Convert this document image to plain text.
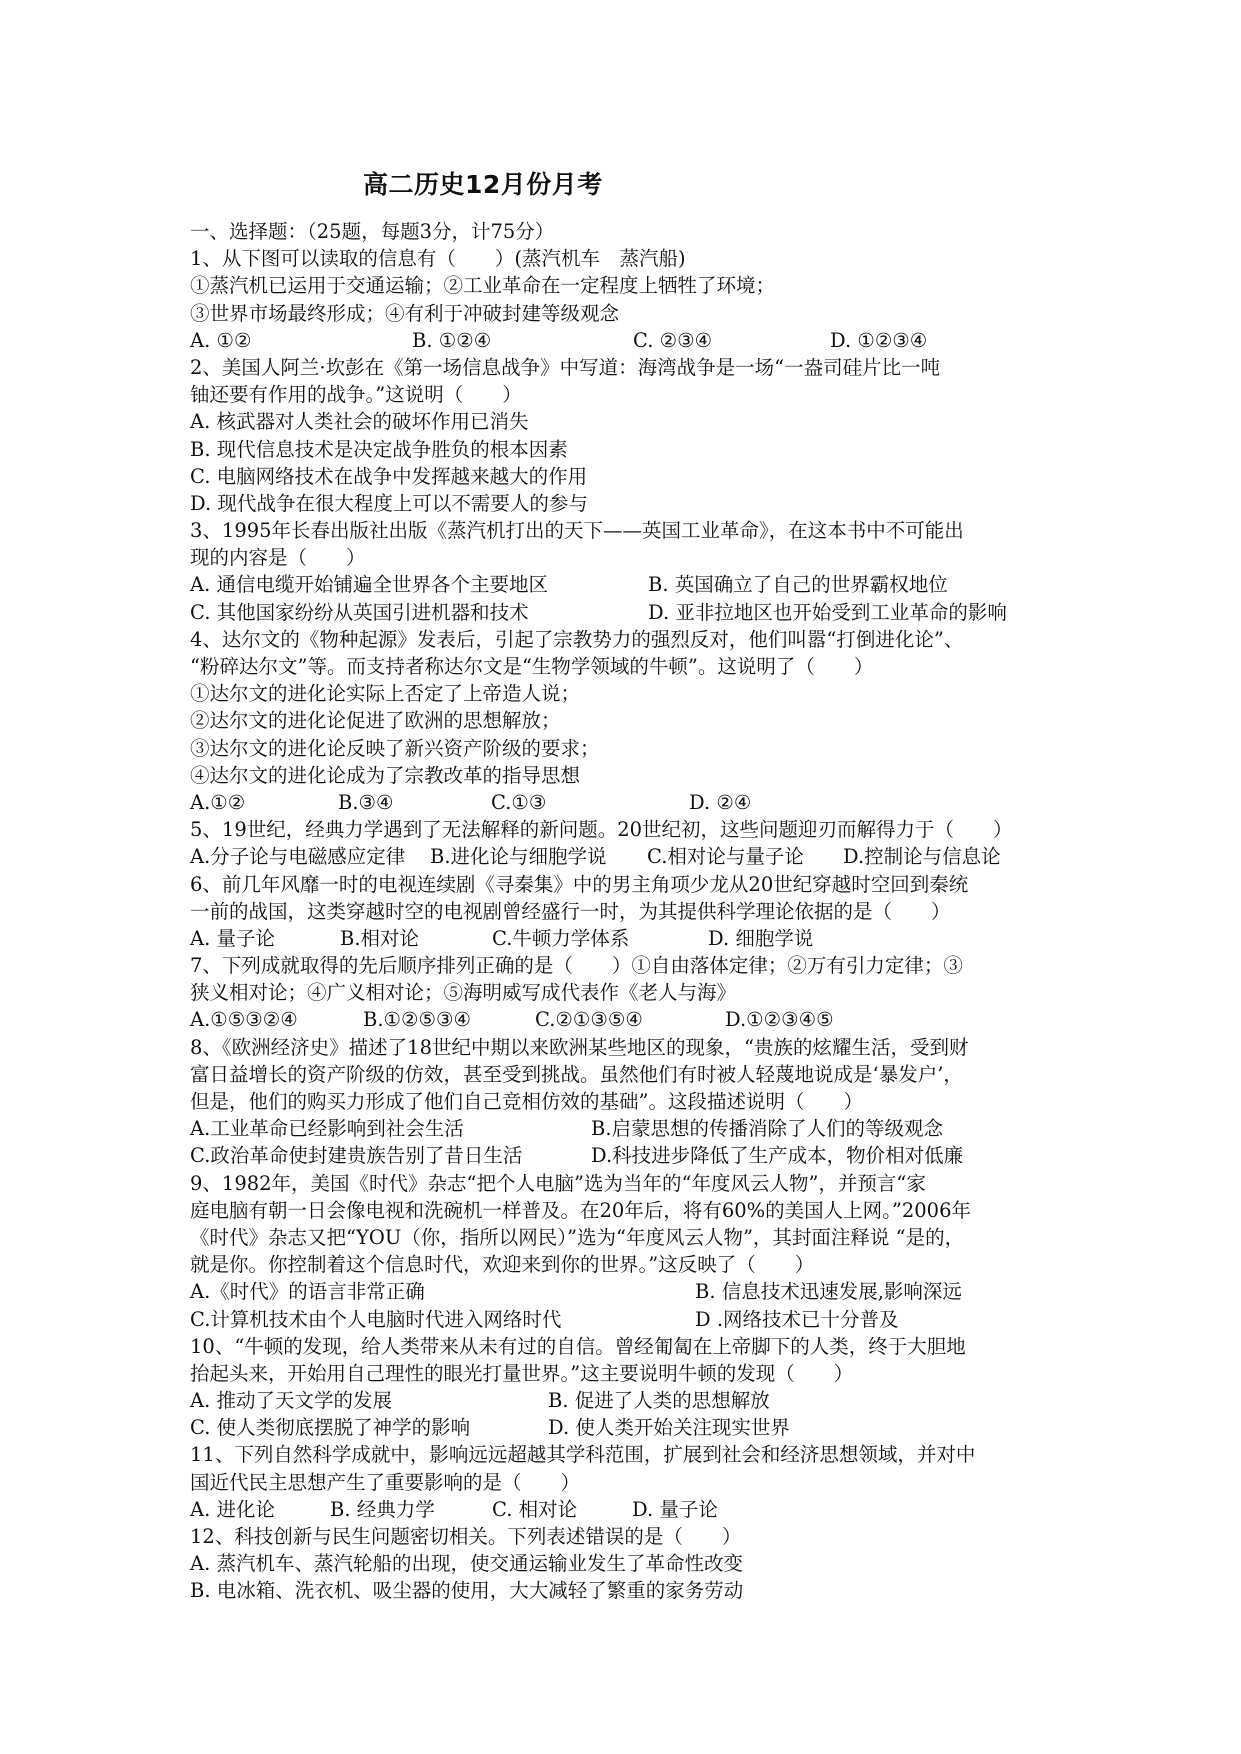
高二历史12月份月考
一、选择题：（25题，每题3分，计75分）
1、从下图可以读取的信息有（　　）(蒸汽机车　蒸汽船)
①蒸汽机已运用于交通运输；②工业革命在一定程度上牺牲了环境；
③世界市场最终形成；④有利于冲破封建等级观念
A. ①②	B. ①②④	C. ②③④	D. ①②③④
2、美国人阿兰·坎彭在《第一场信息战争》中写道：海湾战争是一场“一盎司硅片比一吨
铀还要有作用的战争。”这说明（　　）
A. 核武器对人类社会的破坏作用已消失
B. 现代信息技术是决定战争胜负的根本因素
C. 电脑网络技术在战争中发挥越来越大的作用
D. 现代战争在很大程度上可以不需要人的参与
3、1995年长春出版社出版《蒸汽机打出的天下——英国工业革命》，在这本书中不可能出
现的内容是（　　）
A. 通信电缆开始铺遍全世界各个主要地区	B. 英国确立了自己的世界霸权地位
C. 其他国家纷纷从英国引进机器和技术	D. 亚非拉地区也开始受到工业革命的影响
4、达尔文的《物种起源》发表后，引起了宗教势力的强烈反对，他们叫嚣“打倒进化论”、
“粉碎达尔文”等。而支持者称达尔文是“生物学领域的牛顿”。这说明了（　　）
①达尔文的进化论实际上否定了上帝造人说；
②达尔文的进化论促进了欧洲的思想解放；
③达尔文的进化论反映了新兴资产阶级的要求；
④达尔文的进化论成为了宗教改革的指导思想
A.①②	B.③④	C.①③	D. ②④
5、19世纪，经典力学遇到了无法解释的新问题。20世纪初，这些问题迎刃而解得力于（　　）
A.分子论与电磁感应定律 B.进化论与细胞学说 C.相对论与量子论 D.控制论与信息论
6、前几年风靡一时的电视连续剧《寻秦集》中的男主角项少龙从20世纪穿越时空回到秦统
一前的战国，这类穿越时空的电视剧曾经盛行一时，为其提供科学理论依据的是（　　）
A. 量子论	B.相对论	C.牛顿力学体系	D. 细胞学说
7、下列成就取得的先后顺序排列正确的是（　　）①自由落体定律；②万有引力定律；③
狭义相对论；④广义相对论；⑤海明威写成代表作《老人与海》
A.①⑤③②④	B.①②⑤③④	C.②①③⑤④	D.①②③④⑤
8、《欧洲经济史》描述了18世纪中期以来欧洲某些地区的现象，“贵族的炫耀生活，受到财
富日益增长的资产阶级的仿效，甚至受到挑战。虽然他们有时被人轻蔑地说成是‘暴发户’，
但是，他们的购买力形成了他们自己竞相仿效的基础”。这段描述说明（　　）
A.工业革命已经影响到社会生活	B.启蒙思想的传播消除了人们的等级观念
C.政治革命使封建贵族告别了昔日生活	D.科技进步降低了生产成本，物价相对低廉
9、1982年，美国《时代》杂志“把个人电脑”选为当年的“年度风云人物”，并预言“家
庭电脑有朝一日会像电视和洗碗机一样普及。在20年后，将有60%的美国人上网。”2006年
《时代》杂志又把“YOU（你，指所以网民）”选为“年度风云人物”，其封面注释说 “是的，
就是你。你控制着这个信息时代，欢迎来到你的世界。”这反映了（　　）
A.《时代》的语言非常正确	B. 信息技术迅速发展,影响深远
C.计算机技术由个人电脑时代进入网络时代	D .网络技术已十分普及
10、“牛顿的发现，给人类带来从未有过的自信。曾经匍匐在上帝脚下的人类，终于大胆地
抬起头来，开始用自己理性的眼光打量世界。”这主要说明牛顿的发现（　　）
A. 推动了天文学的发展	B. 促进了人类的思想解放
C. 使人类彻底摆脱了神学的影响	D. 使人类开始关注现实世界
11、下列自然科学成就中，影响远远超越其学科范围，扩展到社会和经济思想领域，并对中
国近代民主思想产生了重要影响的是（　　）
A. 进化论	B. 经典力学	C. 相对论	D. 量子论
12、科技创新与民生问题密切相关。下列表述错误的是（　　）
A. 蒸汽机车、蒸汽轮船的出现，使交通运输业发生了革命性改变
B. 电冰箱、洗衣机、吸尘器的使用，大大减轻了繁重的家务劳动
